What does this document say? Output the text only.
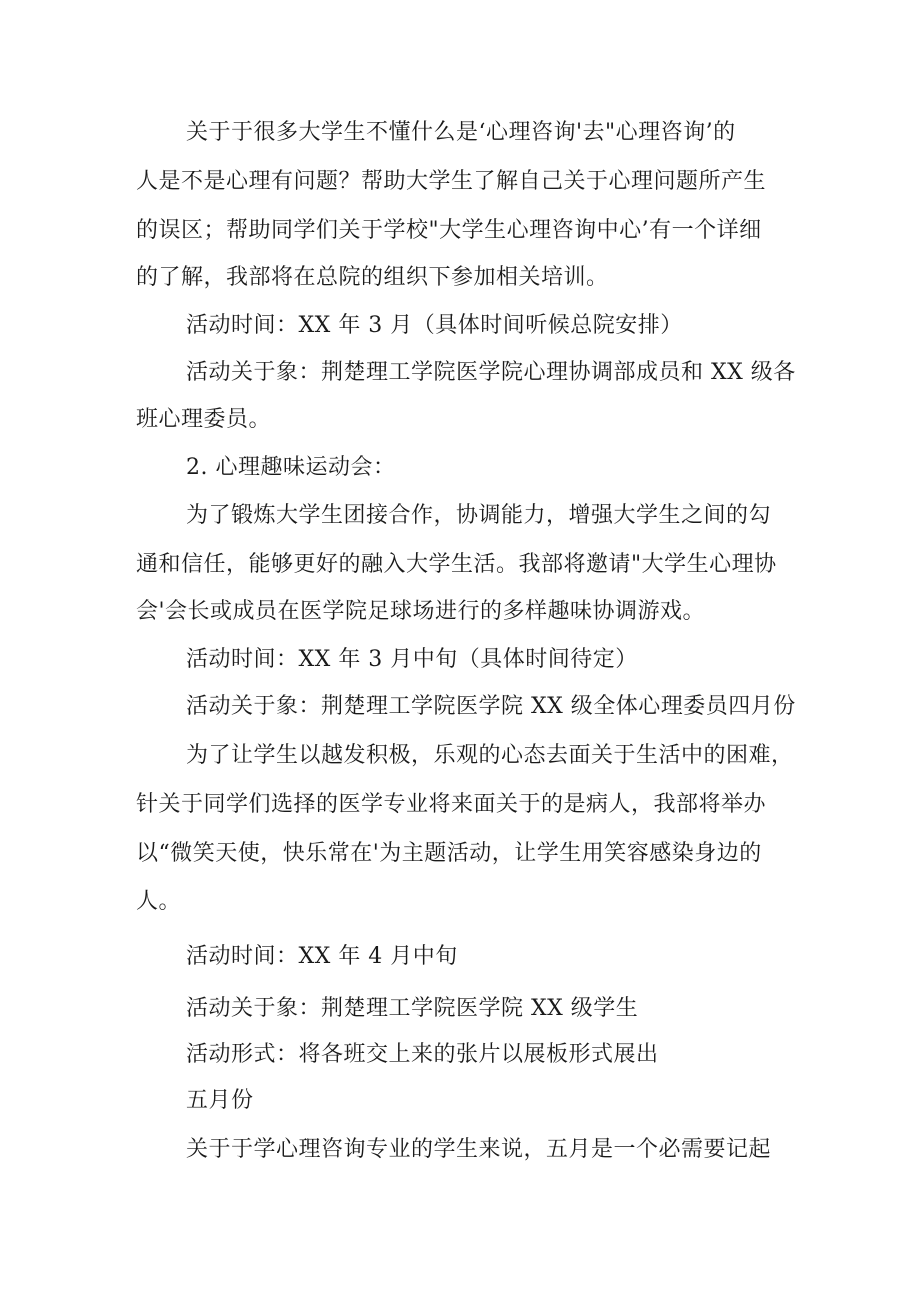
关于于很多大学生不懂什么是‘心理咨询'去"心理咨询’的
人是不是心理有问题？帮助大学生了解自己关于心理问题所产生
的误区；帮助同学们关于学校"大学生心理咨询中心’有一个详细
的了解，我部将在总院的组织下参加相关培训。
活动时间：XX 年 3 月（具体时间听候总院安排）
活动关于象：荆楚理工学院医学院心理协调部成员和 XX 级各
班心理委员。
2. 心理趣味运动会：
为了锻炼大学生团接合作，协调能力，增强大学生之间的勾
通和信任，能够更好的融入大学生活。我部将邀请"大学生心理协
会'会长或成员在医学院足球场进行的多样趣味协调游戏。
活动时间：XX 年 3 月中旬（具体时间待定）
活动关于象：荆楚理工学院医学院 XX 级全体心理委员四月份
为了让学生以越发积极，乐观的心态去面关于生活中的困难，
针关于同学们选择的医学专业将来面关于的是病人，我部将举办
以“微笑天使，快乐常在'为主题活动，让学生用笑容感染身边的
人。
活动时间：XX 年 4 月中旬
活动关于象：荆楚理工学院医学院 XX 级学生
活动形式：将各班交上来的张片以展板形式展出
五月份
关于于学心理咨询专业的学生来说，五月是一个必需要记起
